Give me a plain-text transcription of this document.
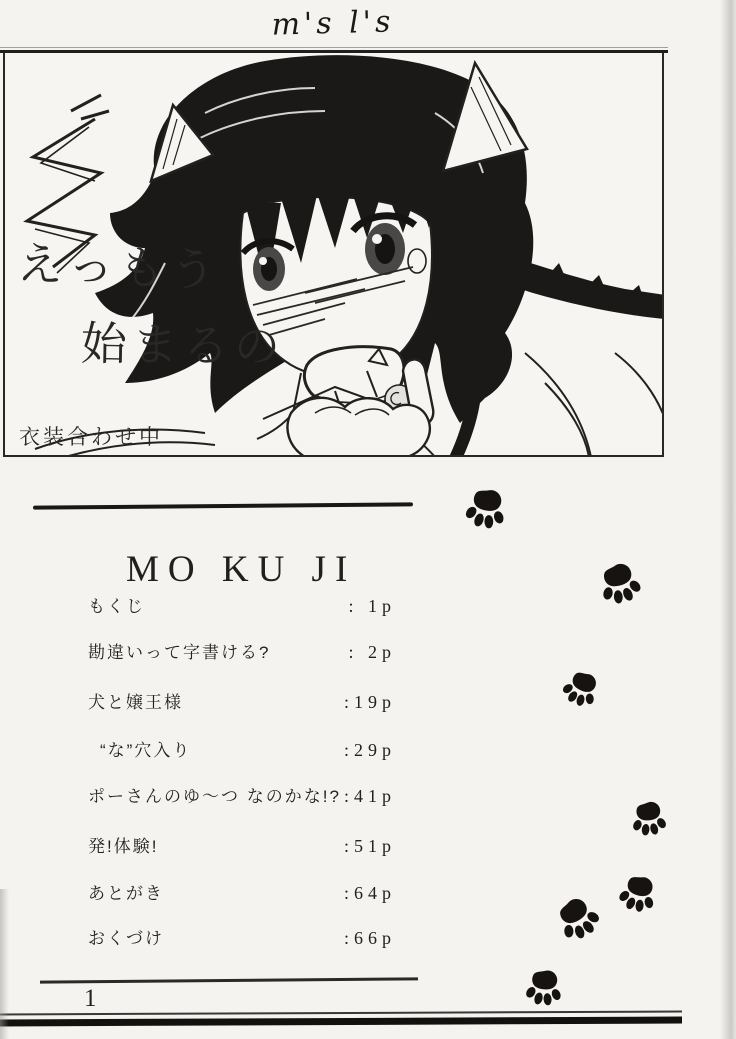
m's l's
えっもう
始まるの
衣装合わせ中
MO KU JI
もくじ	: 1p
勘違いって字書ける?	: 2p
犬と嬢王様	:19p
“な”穴入り	:29p
ポーさんのゆ〜つ なのかな!? :41p
発!体験!	:51p
あとがき	:64p
おくづけ	:66p
1
